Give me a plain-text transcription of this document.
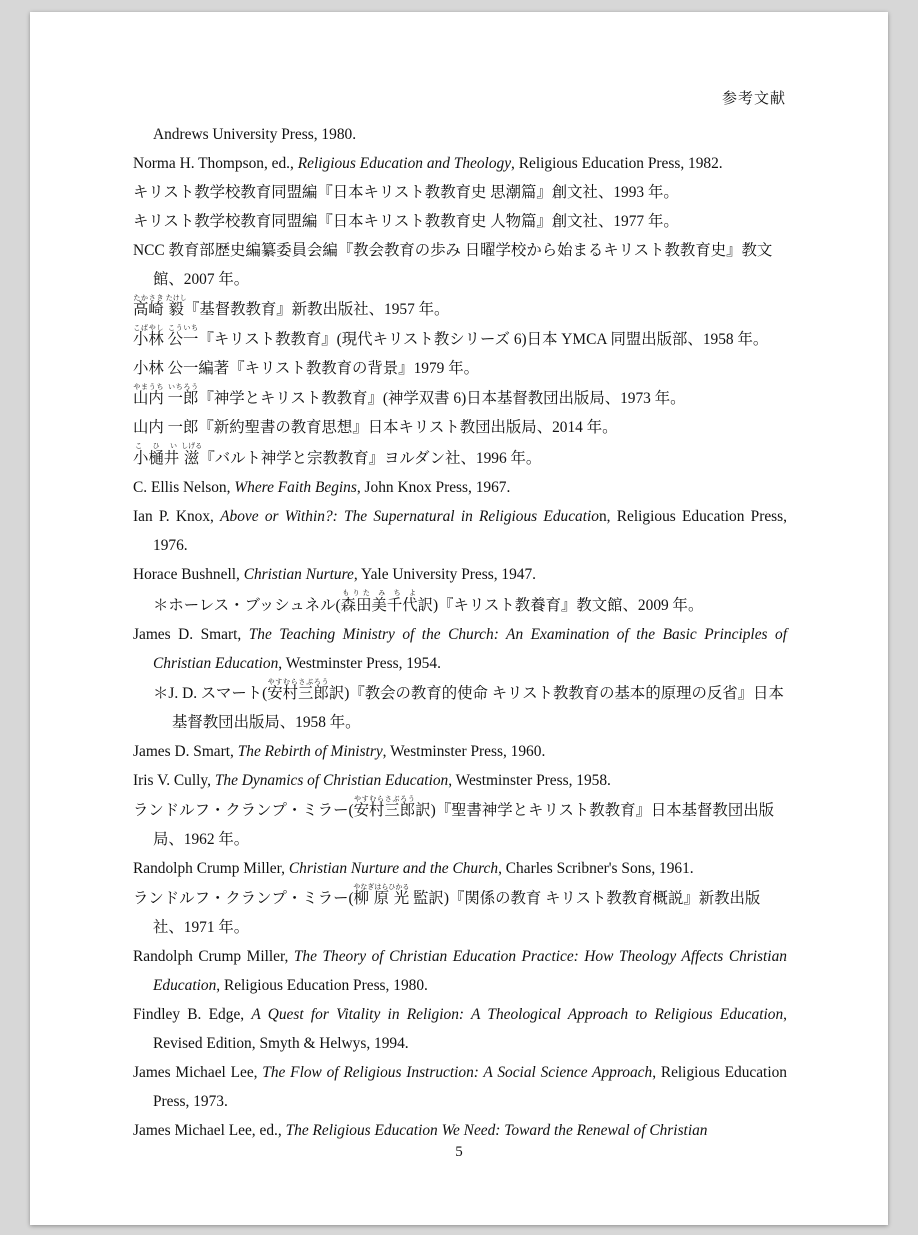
参考文献
Andrews University Press, 1980.
Norma H. Thompson, ed., Religious Education and Theology, Religious Education Press, 1982.
キリスト教学校教育同盟編『日本キリスト教教育史 思潮篇』創文社、1993 年。
キリスト教学校教育同盟編『日本キリスト教教育史 人物篇』創文社、1977 年。
NCC 教育部歴史編纂委員会編『教会教育の歩み 日曜学校から始まるキリスト教教育史』教文館、2007 年。
高崎たかさき 毅たけし『基督教教育』新教出版社、1957 年。
小林こばやし 公一こういち『キリスト教教育』(現代キリスト教シリーズ 6)日本 YMCA 同盟出版部、1958 年。
小林 公一編著『キリスト教教育の背景』1979 年。
山内やまうち 一郎いちろう『神学とキリスト教教育』(神学双書 6)日本基督教団出版局、1973 年。
山内 一郎『新約聖書の教育思想』日本キリスト教団出版局、2014 年。
小樋井こ ひ い 滋しげる『バルト神学と宗教教育』ヨルダン社、1996 年。
C. Ellis Nelson, Where Faith Begins, John Knox Press, 1967.
Ian P. Knox, Above or Within?: The Supernatural in Religious Education, Religious Education Press, 1976.
Horace Bushnell, Christian Nurture, Yale University Press, 1947.
＊ホーレス・ブッシュネル(森田美千代もりた み ち よ訳)『キリスト教養育』教文館、2009 年。
James D. Smart, The Teaching Ministry of the Church: An Examination of the Basic Principles of Christian Education, Westminster Press, 1954.
＊J. D. スマート(安村三郎やすむらさぶろう訳)『教会の教育的使命 キリスト教教育の基本的原理の反省』日本基督教団出版局、1958 年。
James D. Smart, The Rebirth of Ministry, Westminster Press, 1960.
Iris V. Cully, The Dynamics of Christian Education, Westminster Press, 1958.
ランドルフ・クランプ・ミラー(安村三郎やすむらさぶろう訳)『聖書神学とキリスト教教育』日本基督教団出版局、1962 年。
Randolph Crump Miller, Christian Nurture and the Church, Charles Scribner's Sons, 1961.
ランドルフ・クランプ・ミラー(柳 原 光やなぎはらひかる 監訳)『関係の教育 キリスト教教育概説』新教出版社、1971 年。
Randolph Crump Miller, The Theory of Christian Education Practice: How Theology Affects Christian Education, Religious Education Press, 1980.
Findley B. Edge, A Quest for Vitality in Religion: A Theological Approach to Religious Education, Revised Edition, Smyth & Helwys, 1994.
James Michael Lee, The Flow of Religious Instruction: A Social Science Approach, Religious Education Press, 1973.
James Michael Lee, ed., The Religious Education We Need: Toward the Renewal of Christian
5
